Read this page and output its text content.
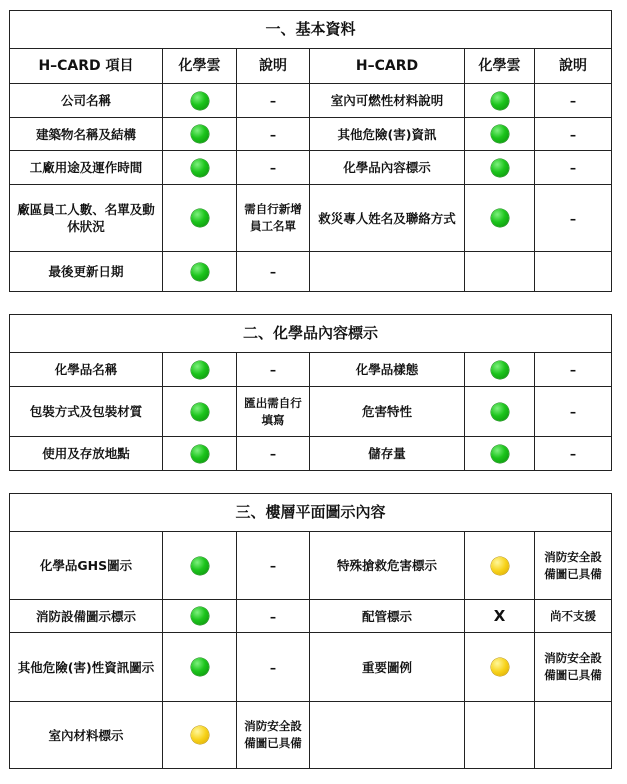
一、基本資料					
H–CARD 項目	化學雲	說明	H–CARD	化學雲	說明
公司名稱		–	室內可燃性材料說明		–
建築物名稱及結構		–	其他危險(害)資訊		–
工廠用途及運作時間		–	化學品內容標示		–
廠區員工人數、名單及動休狀況		需自行新增員工名單	救災專人姓名及聯絡方式		–
最後更新日期		–			
二、化學品內容標示					
化學品名稱		–	化學品樣態		–
包裝方式及包裝材質		匯出需自行填寫	危害特性		–
使用及存放地點		–	儲存量		–
三、樓層平面圖示內容					
化學品GHS圖示		–	特殊搶救危害標示		消防安全設備圖已具備
消防設備圖示標示		–	配管標示	X	尚不支援
其他危險(害)性資訊圖示		–	重要圖例		消防安全設備圖已具備
室內材料標示		消防安全設備圖已具備			
